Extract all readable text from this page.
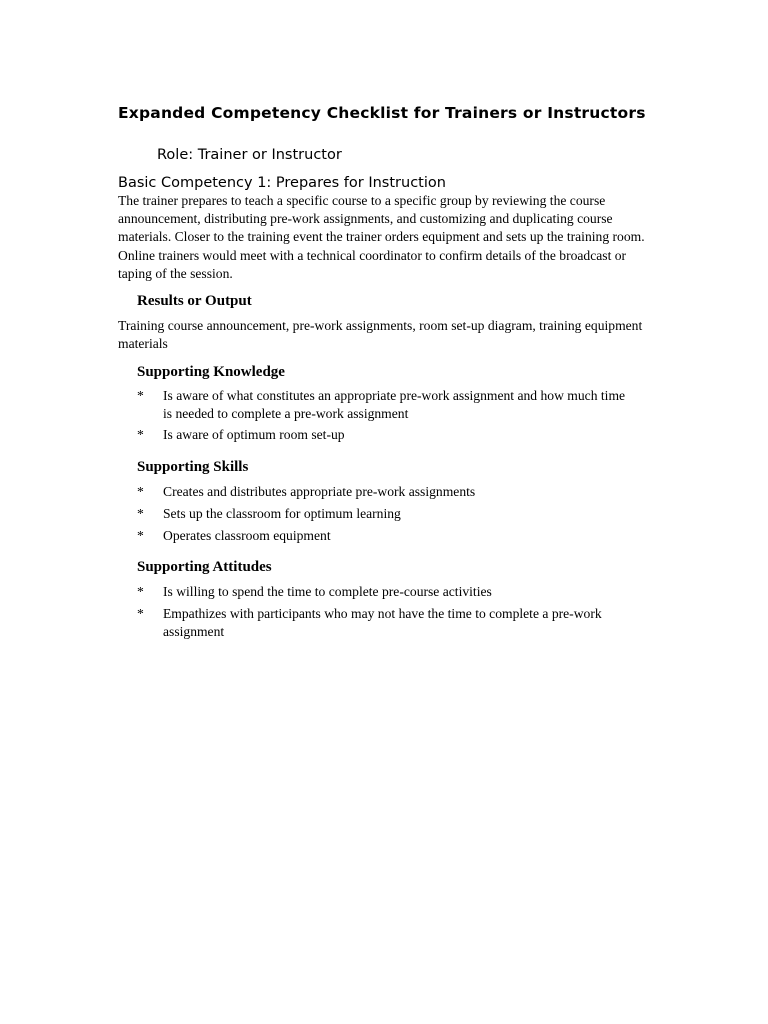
Expanded Competency Checklist for Trainers or Instructors
Role: Trainer or Instructor
Basic Competency 1: Prepares for Instruction
The trainer prepares to teach a specific course to a specific group by reviewing the course announcement, distributing pre-work assignments, and customizing and duplicating course materials. Closer to the training event the trainer orders equipment and sets up the training room. Online trainers would meet with a technical coordinator to confirm details of the broadcast or taping of the session.
Results or Output
Training course announcement, pre-work assignments, room set-up diagram, training equipment materials
Supporting Knowledge
* Is aware of what constitutes an appropriate pre-work assignment and how much time is needed to complete a pre-work assignment
* Is aware of optimum room set-up
Supporting Skills
* Creates and distributes appropriate pre-work assignments
* Sets up the classroom for optimum learning
* Operates classroom equipment
Supporting Attitudes
* Is willing to spend the time to complete pre-course activities
* Empathizes with participants who may not have the time to complete a pre-work assignment
